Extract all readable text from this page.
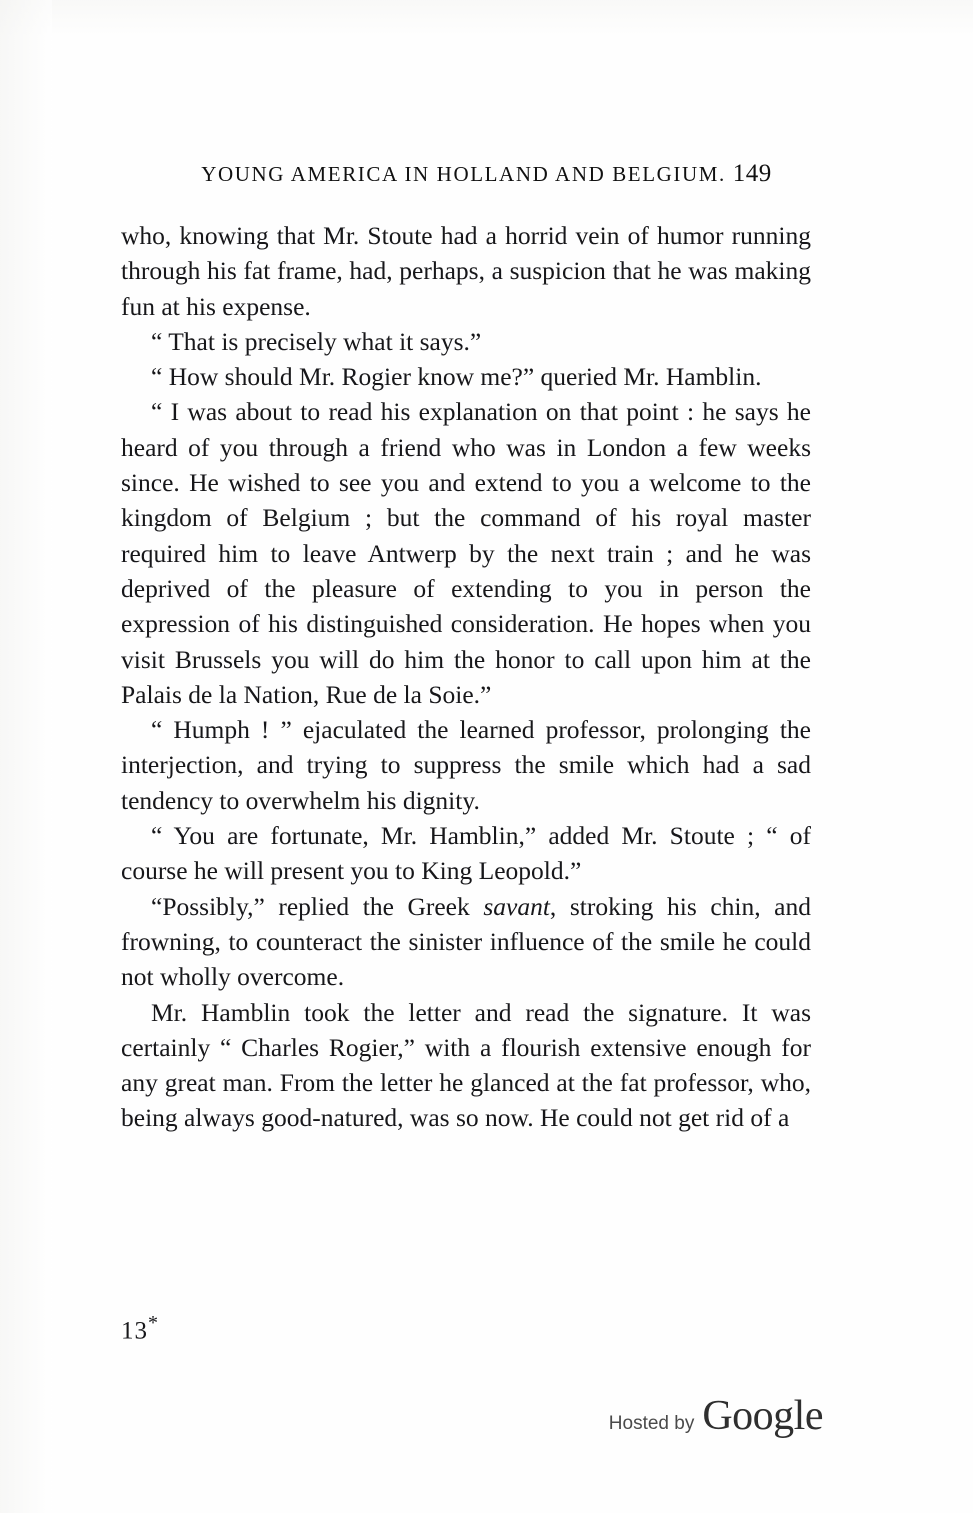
YOUNG AMERICA IN HOLLAND AND BELGIUM. 149

who, knowing that Mr. Stoute had a horrid vein of humor running through his fat frame, had, perhaps, a suspicion that he was making fun at his expense.

“ That is precisely what it says.”

“ How should Mr. Rogier know me?” queried Mr. Hamblin.

“ I was about to read his explanation on that point : he says he heard of you through a friend who was in London a few weeks since. He wished to see you and extend to you a welcome to the kingdom of Belgium ; but the command of his royal master required him to leave Antwerp by the next train ; and he was deprived of the pleasure of extending to you in person the expression of his distinguished consideration. He hopes when you visit Brussels you will do him the honor to call upon him at the Palais de la Nation, Rue de la Soie.”

“ Humph ! ” ejaculated the learned professor, prolonging the interjection, and trying to suppress the smile which had a sad tendency to overwhelm his dignity.

“ You are fortunate, Mr. Hamblin,” added Mr. Stoute ; “ of course he will present you to King Leopold.”

“Possibly,” replied the Greek savant, stroking his chin, and frowning, to counteract the sinister influence of the smile he could not wholly overcome.

Mr. Hamblin took the letter and read the signature. It was certainly “ Charles Rogier,” with a flourish extensive enough for any great man. From the letter he glanced at the fat professor, who, being always good-natured, was so now. He could not get rid of a

13*
Hosted by Google
